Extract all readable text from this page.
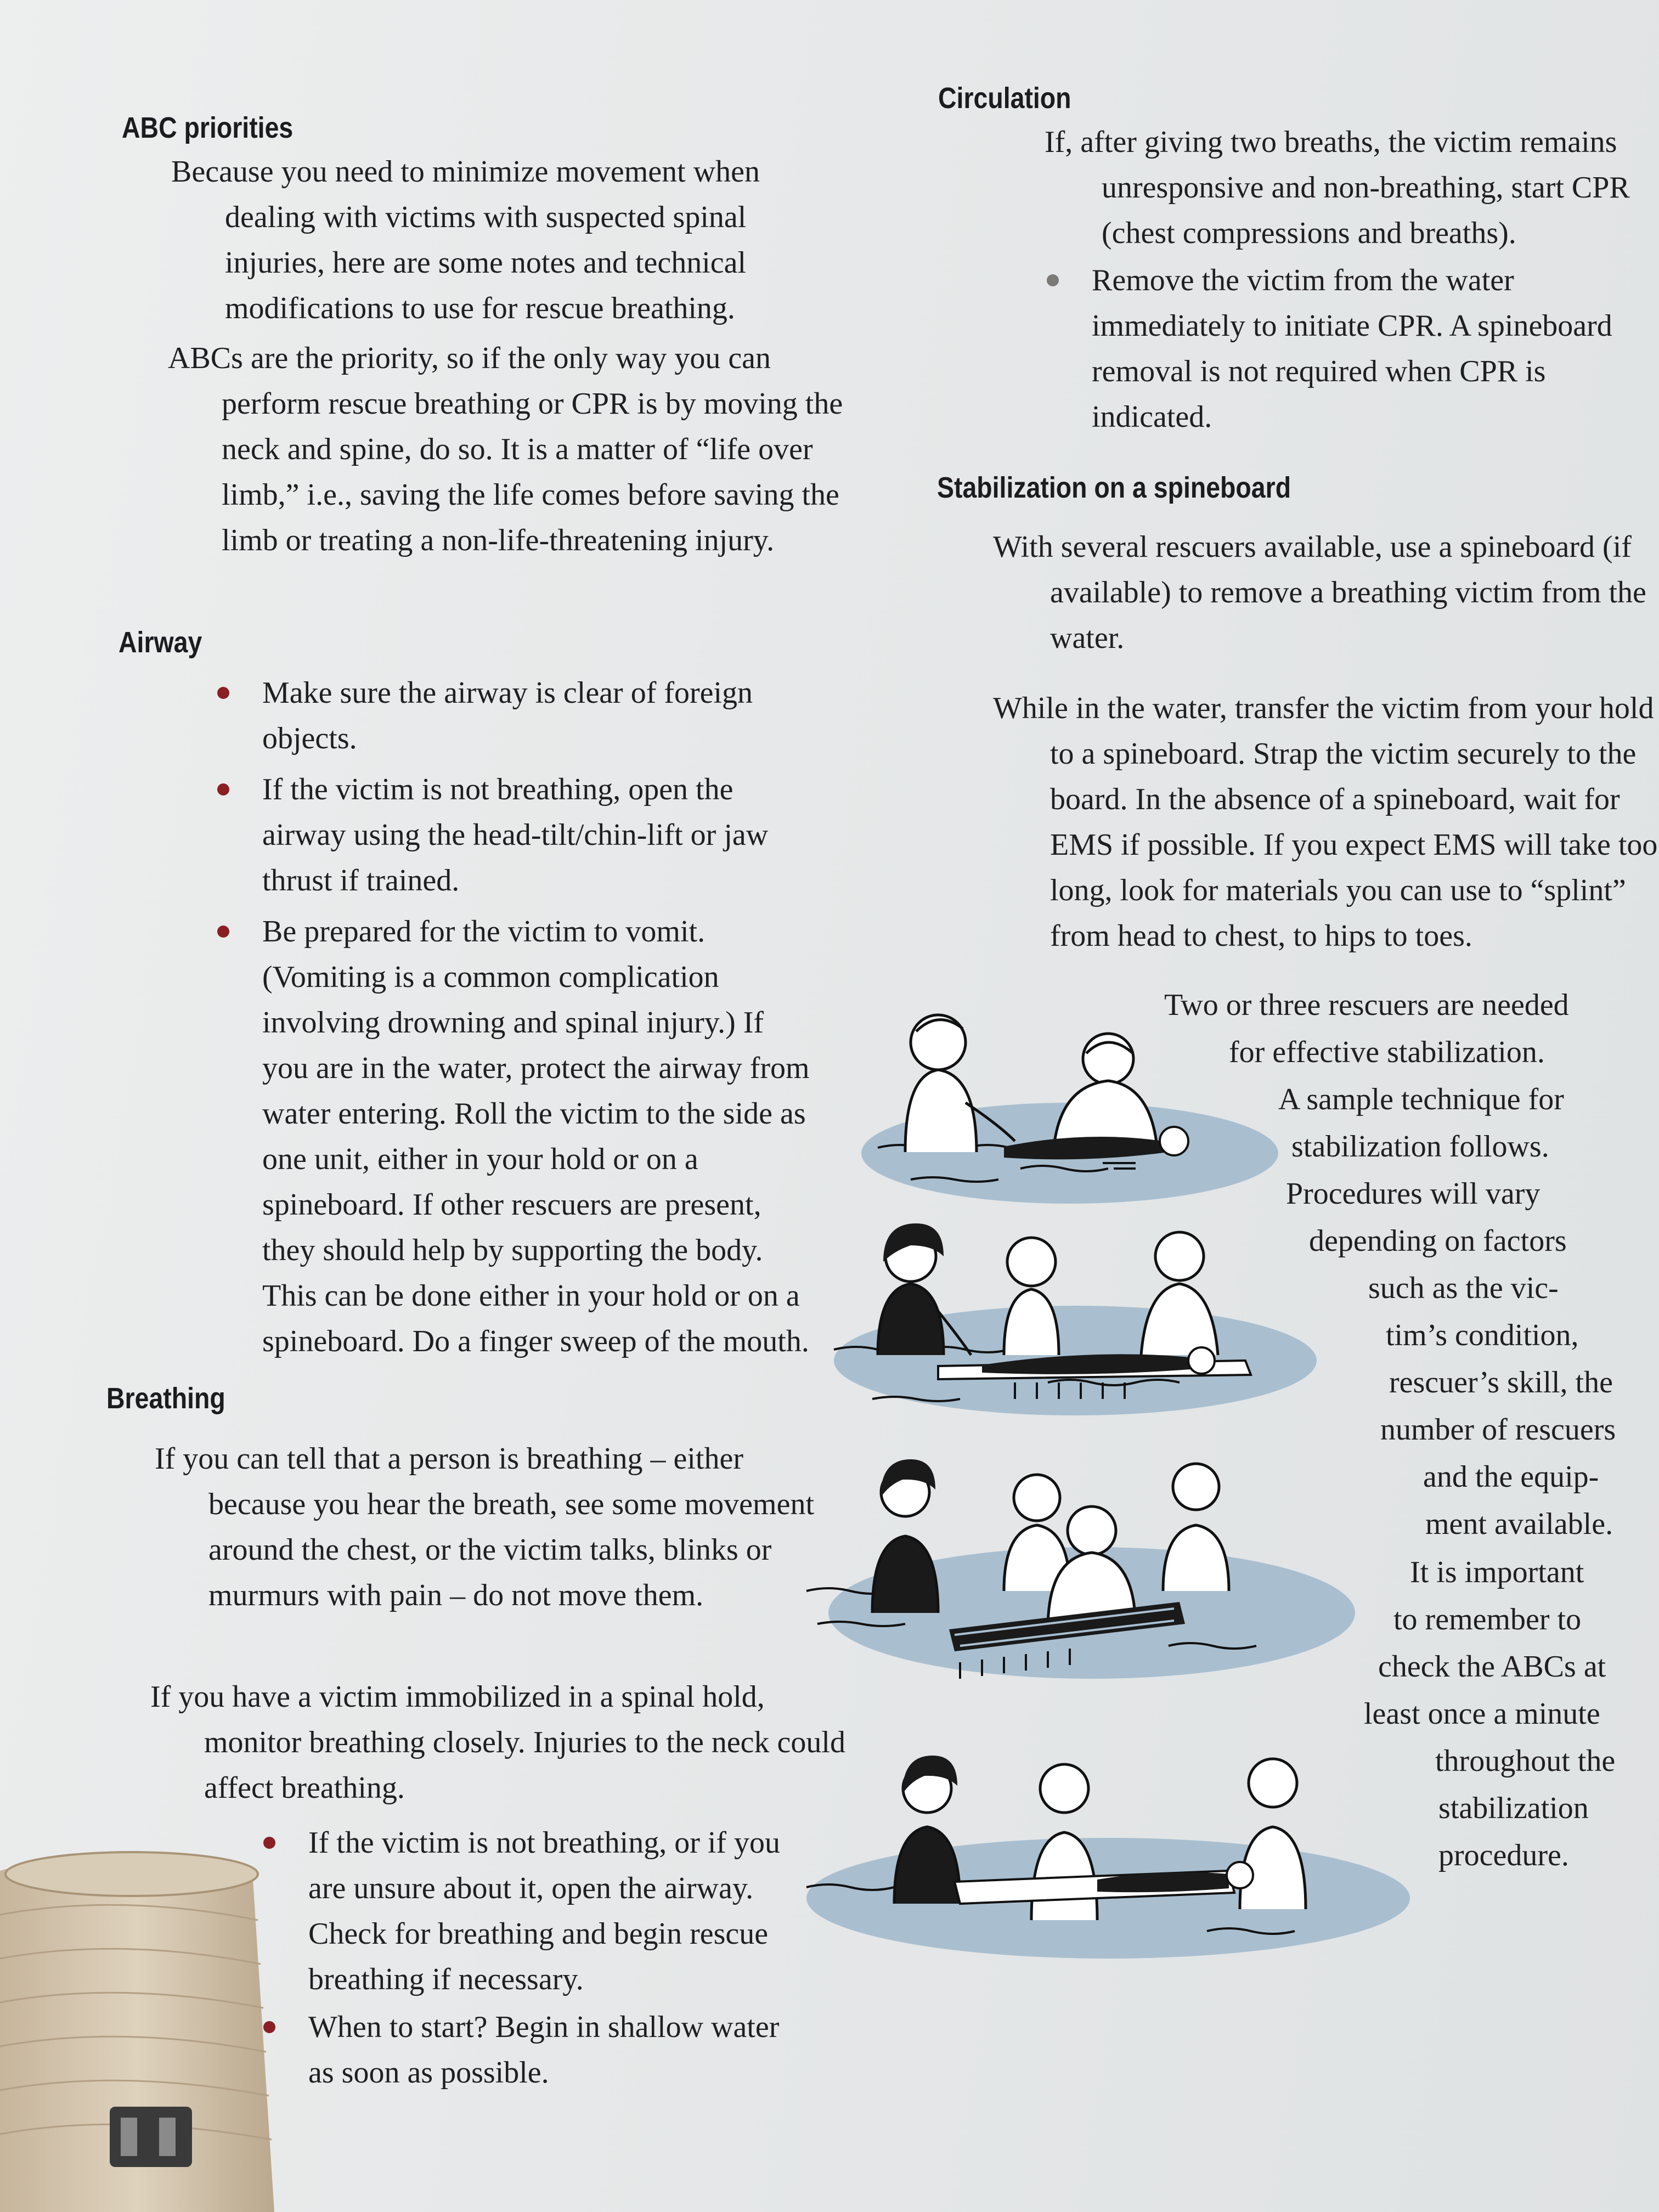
ABC priorities

Because you need to minimize movement when dealing with victims with suspected spinal injuries, here are some notes and technical modifications to use for rescue breathing.

ABCs are the priority, so if the only way you can perform rescue breathing or CPR is by moving the neck and spine, do so. It is a matter of “life over limb,” i.e., saving the life comes before saving the limb or treating a non-life-threatening injury.

Airway
Make sure the airway is clear of foreign objects.
If the victim is not breathing, open the airway using the head-tilt/chin-lift or jaw thrust if trained.
Be prepared for the victim to vomit. (Vomiting is a common complication involving drowning and spinal injury.) If you are in the water, protect the airway from water entering. Roll the victim to the side as one unit, either in your hold or on a spineboard. If other rescuers are present, they should help by supporting the body. This can be done either in your hold or on a spineboard. Do a finger sweep of the mouth.
Breathing

If you can tell that a person is breathing – either because you hear the breath, see some movement around the chest, or the victim talks, blinks or murmurs with pain – do not move them.

If you have a victim immobilized in a spinal hold, monitor breathing closely. Injuries to the neck could affect breathing.

If the victim is not breathing, or if you are unsure about it, open the airway. Check for breathing and begin rescue breathing if necessary.
When to start? Begin in shallow water as soon as possible.
Circulation

If, after giving two breaths, the victim remains unresponsive and non-breathing, start CPR (chest compressions and breaths).

Remove the victim from the water immediately to initiate CPR. A spineboard removal is not required when CPR is indicated.
Stabilization on a spineboard

With several rescuers available, use a spineboard (if available) to remove a breathing victim from the water.

While in the water, transfer the victim from your hold to a spineboard. Strap the victim securely to the board. In the absence of a spineboard, wait for EMS if possible. If you expect EMS will take too long, look for materials you can use to “splint” from head to chest, to hips to toes.

Two or three rescuers are needed
for effective stabilization.
A sample technique for
stabilization follows.
Procedures will vary
depending on factors
such as the vic-
tim’s condition,
rescuer’s skill, the
number of rescuers
and the equip-
ment available.
It is important
to remember to
check the ABCs at
least once a minute
throughout the
stabilization
procedure.
